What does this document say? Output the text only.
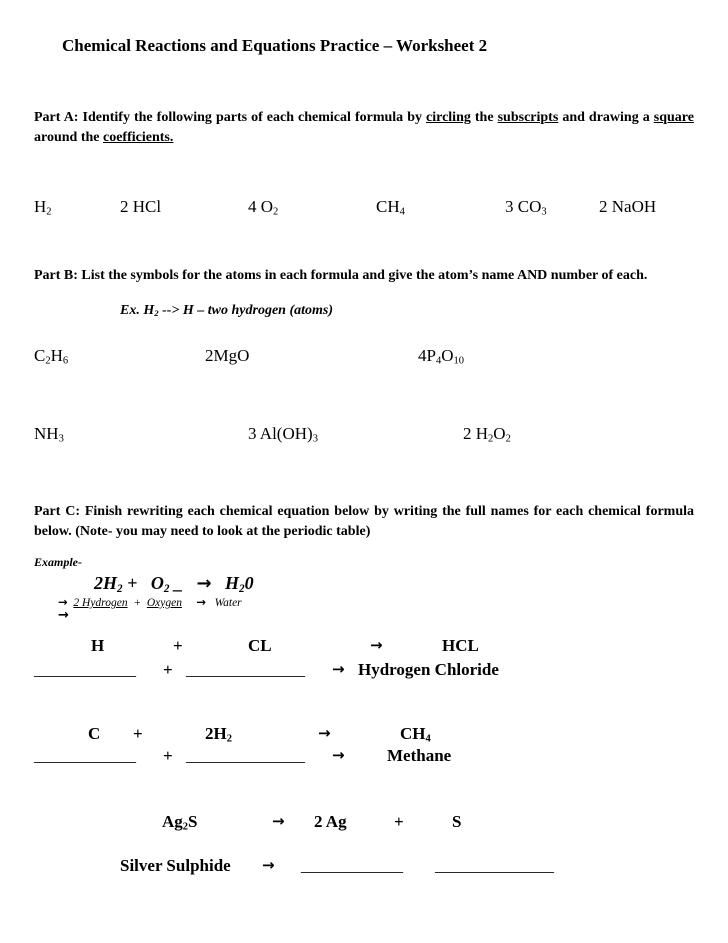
Chemical Reactions and Equations Practice – Worksheet 2
Part A: Identify the following parts of each chemical formula by circling the subscripts and drawing a square around the coefficients.
$H_2$	2 HCl	4 $O_2$	$CH_4$	3 $CO_3$	2 NaOH
Part B: List the symbols for the atoms in each formula and give the atom’s name AND number of each.
Ex. $H_2$ --> H – two hydrogen (atoms)
$C_2H_6$	2MgO	$4P_4O_{10}$
$NH_3$	3 $Al(OH)_3$	2 $H_2O_2$
Part C: Finish rewriting each chemical equation below by writing the full names for each chemical formula below. (Note- you may need to look at the periodic table)
Example-
$2H_2 + O_2$ _ → $H_20$
→ 2 Hydrogen + Oxygen → Water
→
H	+	CL	→	HCL
____________ + ______________ → Hydrogen Chloride
C +	$2H_2$	→	$CH_4$
____________ + ______________ → Methane
$Ag_2S$	→ 2 Ag	+	S
Silver Sulphide → ____________ ______________
